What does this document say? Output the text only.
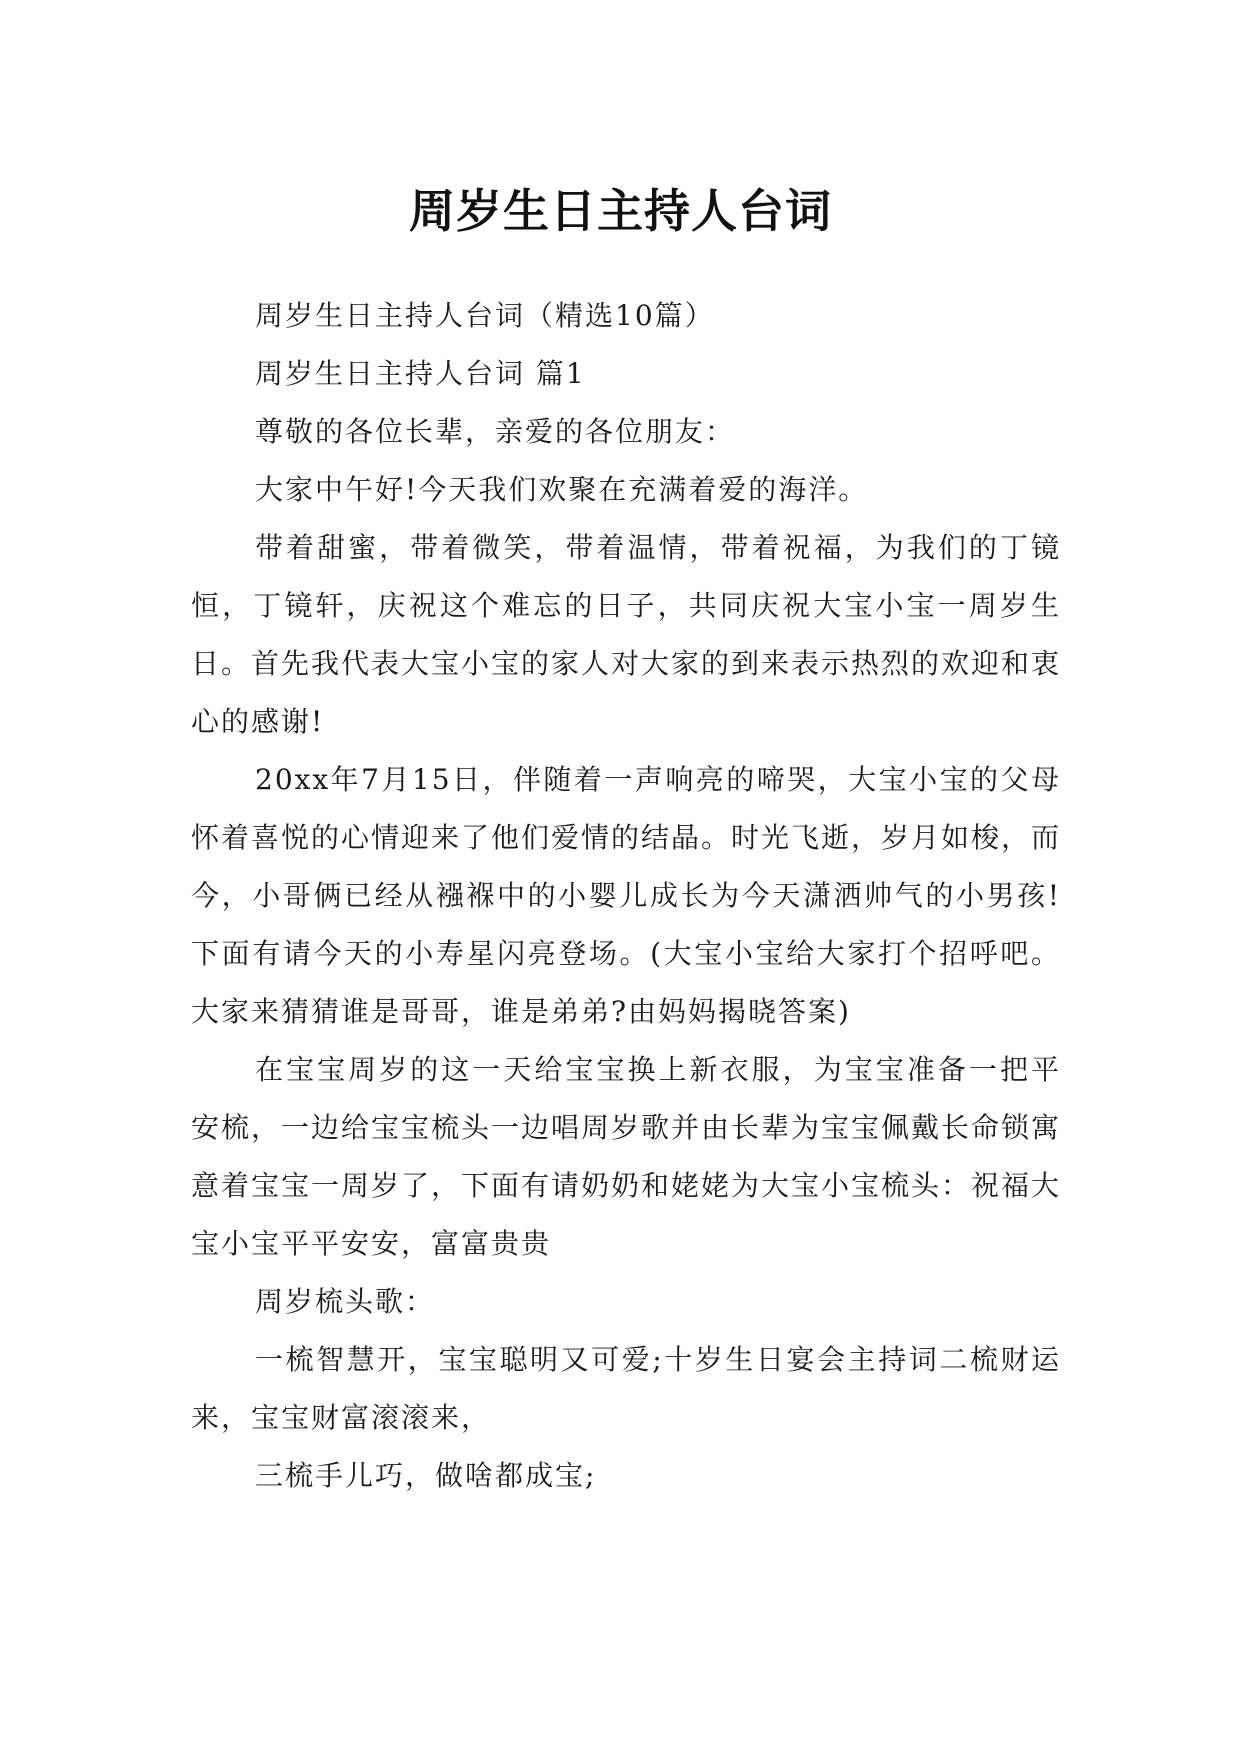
周岁生日主持人台词

周岁生日主持人台词（精选10篇）

周岁生日主持人台词 篇1

尊敬的各位长辈，亲爱的各位朋友：

大家中午好!今天我们欢聚在充满着爱的海洋。

带着甜蜜，带着微笑，带着温情，带着祝福，为我们的丁镜恒，丁镜轩，庆祝这个难忘的日子，共同庆祝大宝小宝一周岁生日。首先我代表大宝小宝的家人对大家的到来表示热烈的欢迎和衷心的感谢!

20xx年7月15日，伴随着一声响亮的啼哭，大宝小宝的父母怀着喜悦的心情迎来了他们爱情的结晶。时光飞逝，岁月如梭，而今，小哥俩已经从襁褓中的小婴儿成长为今天潇洒帅气的小男孩!下面有请今天的小寿星闪亮登场。(大宝小宝给大家打个招呼吧。大家来猜猜谁是哥哥，谁是弟弟?由妈妈揭晓答案)

在宝宝周岁的这一天给宝宝换上新衣服，为宝宝准备一把平安梳，一边给宝宝梳头一边唱周岁歌并由长辈为宝宝佩戴长命锁寓意着宝宝一周岁了，下面有请奶奶和姥姥为大宝小宝梳头：祝福大宝小宝平平安安，富富贵贵

周岁梳头歌：

一梳智慧开，宝宝聪明又可爱;十岁生日宴会主持词二梳财运来，宝宝财富滚滚来，

三梳手儿巧，做啥都成宝;
